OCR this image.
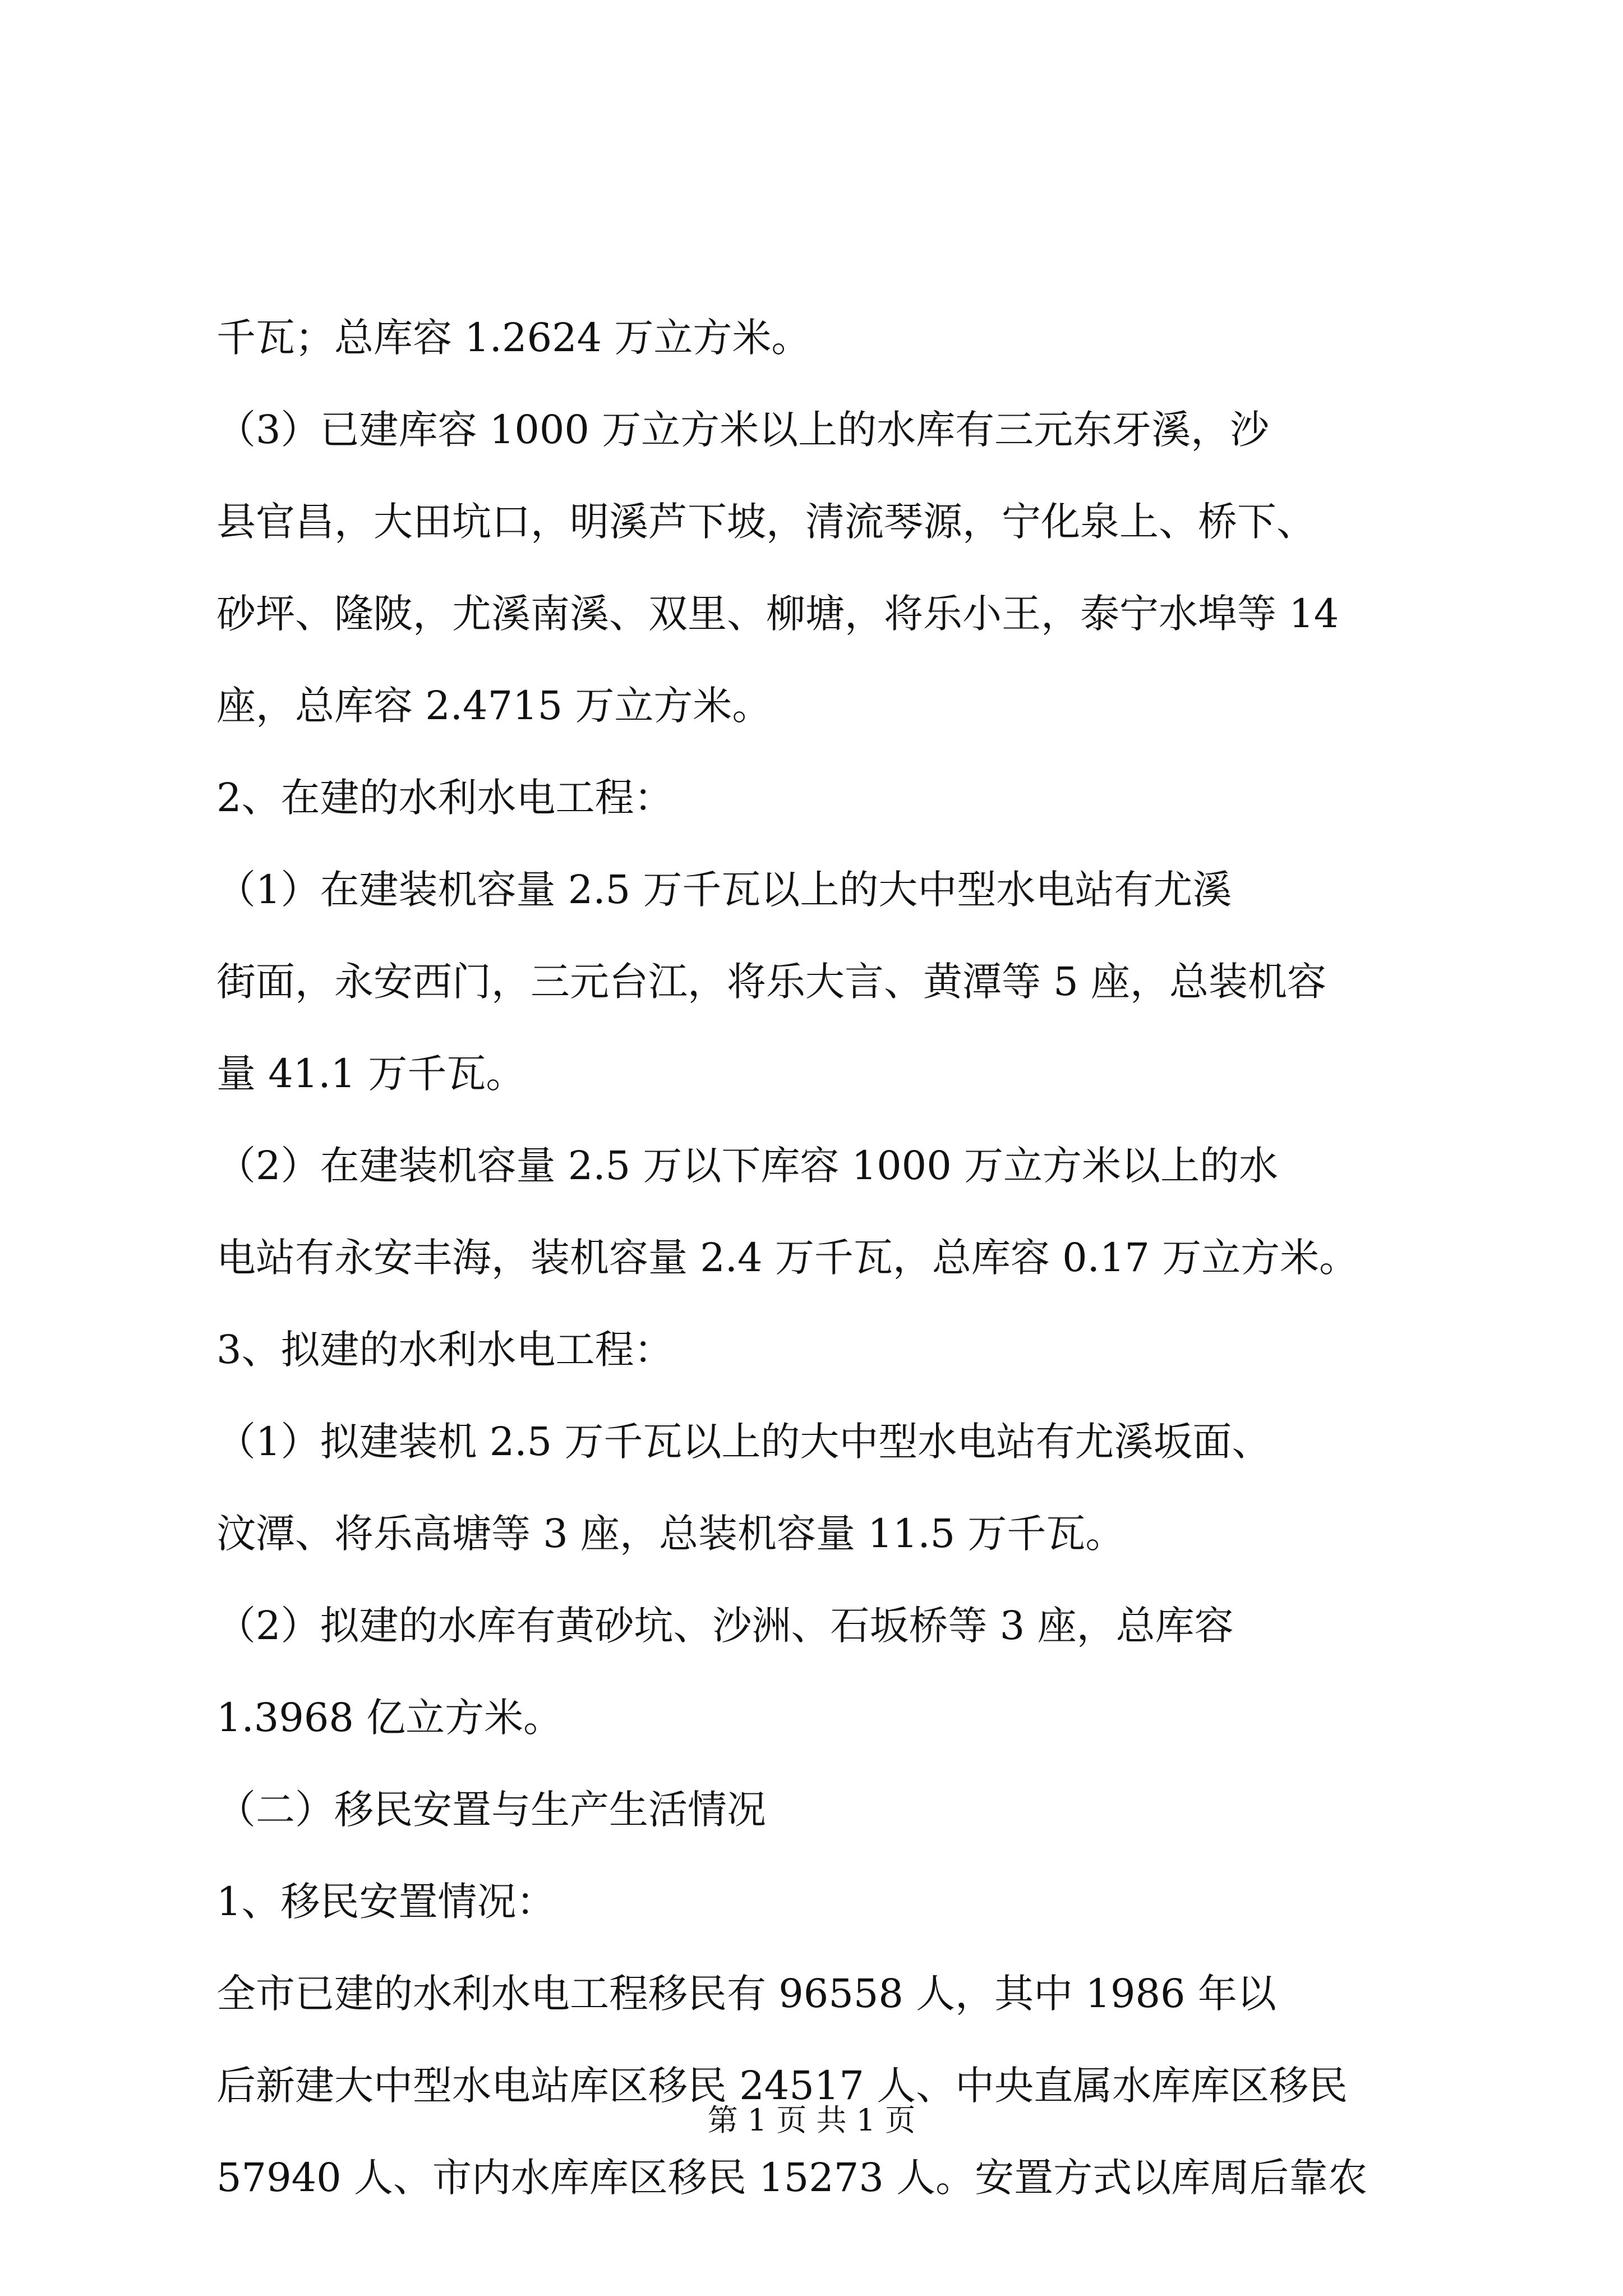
千瓦；总库容 1.2624 万立方米。

（3）已建库容 1000 万立方米以上的水库有三元东牙溪，沙

县官昌，大田坑口，明溪芦下坡，清流琴源，宁化泉上、桥下、

砂坪、隆陂，尤溪南溪、双里、柳塘，将乐小王，泰宁水埠等 14

座，总库容 2.4715 万立方米。

2、在建的水利水电工程：

（1）在建装机容量 2.5 万千瓦以上的大中型水电站有尤溪

街面，永安西门，三元台江，将乐大言、黄潭等 5 座，总装机容

量 41.1 万千瓦。

（2）在建装机容量 2.5 万以下库容 1000 万立方米以上的水

电站有永安丰海，装机容量 2.4 万千瓦，总库容 0.17 万立方米。

3、拟建的水利水电工程：

（1）拟建装机 2.5 万千瓦以上的大中型水电站有尤溪坂面、

汶潭、将乐高塘等 3 座，总装机容量 11.5 万千瓦。

（2）拟建的水库有黄砂坑、沙洲、石坂桥等 3 座，总库容

1.3968 亿立方米。

（二）移民安置与生产生活情况

1、移民安置情况：

全市已建的水利水电工程移民有 96558 人，其中 1986 年以

后新建大中型水电站库区移民 24517 人、中央直属水库库区移民

57940 人、市内水库库区移民 15273 人。安置方式以库周后靠农

第 1 页 共 1 页
